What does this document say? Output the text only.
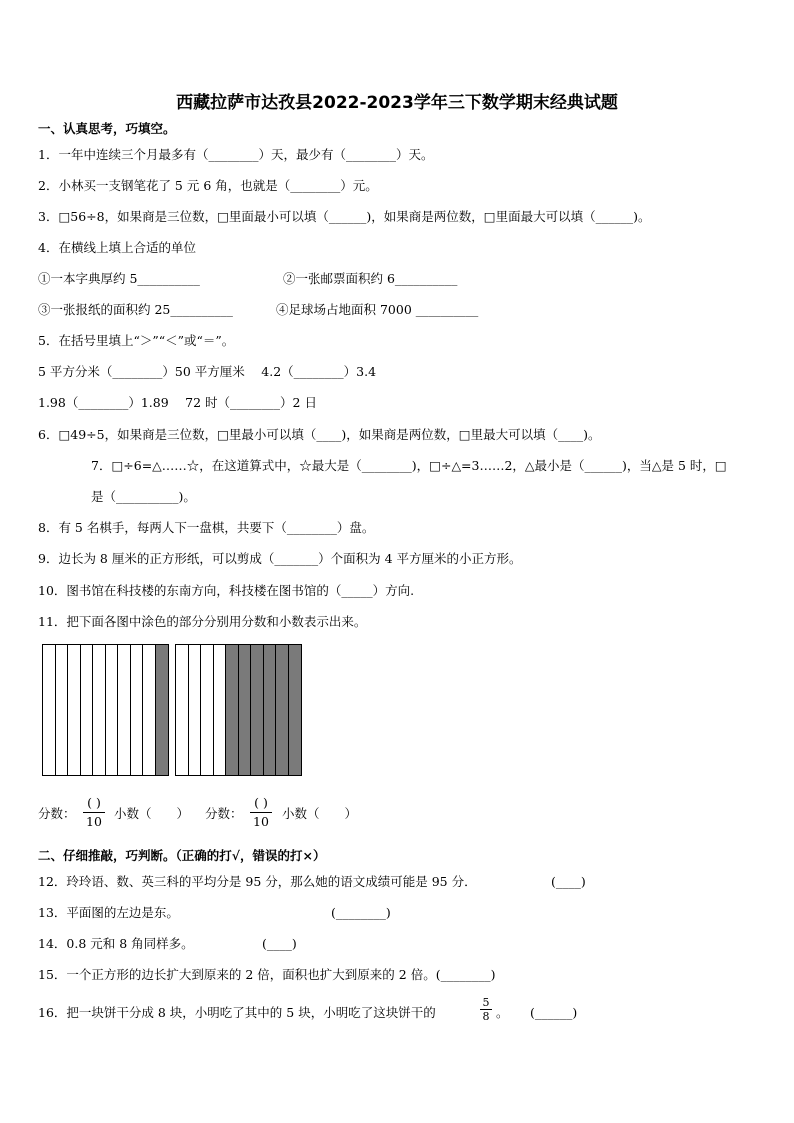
西藏拉萨市达孜县2022-2023学年三下数学期末经典试题
一、认真思考，巧填空。
1．一年中连续三个月最多有（________）天，最少有（________）天。
2．小林买一支钢笔花了 5 元 6 角，也就是（________）元。
3．□56÷8，如果商是三位数，□里面最小可以填（______)，如果商是两位数，□里面最大可以填（______)。
4．在横线上填上合适的单位
①一本字典厚约 5__________	②一张邮票面积约 6__________
③一张报纸的面积约 25__________	④足球场占地面积 7000 __________
5．在括号里填上“＞”“＜”或“＝”。
5 平方分米（________）50 平方厘米　 4.2（________）3.4
1.98（________）1.89　 72 时（________）2 日
6．□49÷5，如果商是三位数，□里最小可以填（____)，如果商是两位数，□里最大可以填（____)。
7．□÷6=△……☆，在这道算式中，☆最大是（________)，□÷△=3……2，△最小是（______)，当△是 5 时，□
是（__________)。
8．有 5 名棋手，每两人下一盘棋，共要下（________）盘。
9．边长为 8 厘米的正方形纸，可以剪成（_______）个面积为 4 平方厘米的小正方形。
10．图书馆在科技楼的东南方向，科技楼在图书馆的（_____）方向.
11．把下面各图中涂色的部分分别用分数和小数表示出来。
分数：
( )
10
小数（　　） 分数：
( )
10
小数（　　）
二、仔细推敲，巧判断。（正确的打√，错误的打×）
12．玲玲语、数、英三科的平均分是 95 分，那么她的语文成绩可能是 95 分．	(____)
13．平面图的左边是东。	(________)
14．0.8 元和 8 角同样多。	(____)
15．一个正方形的边长扩大到原来的 2 倍，面积也扩大到原来的 2 倍。(________)
16．把一块饼干分成 8 块，小明吃了其中的 5 块，小明吃了这块饼干的
5
8 。 (______)
